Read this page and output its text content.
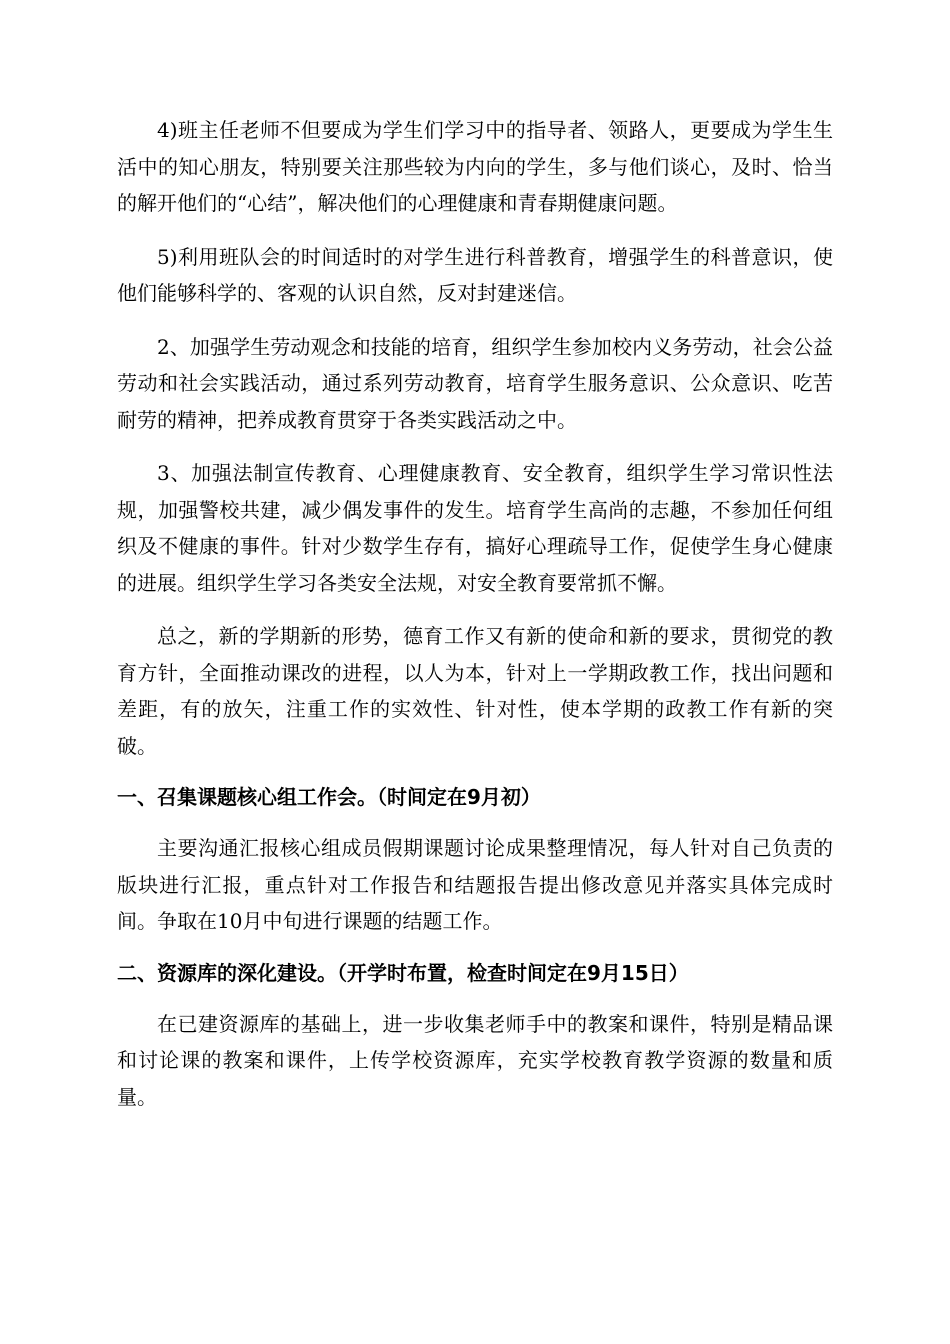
4)班主任老师不但要成为学生们学习中的指导者、领路人，更要成为学生生活中的知心朋友，特别要关注那些较为内向的学生，多与他们谈心，及时、恰当的解开他们的“心结”，解决他们的心理健康和青春期健康问题。

5)利用班队会的时间适时的对学生进行科普教育，增强学生的科普意识，使他们能够科学的、客观的认识自然，反对封建迷信。

2、加强学生劳动观念和技能的培育，组织学生参加校内义务劳动，社会公益劳动和社会实践活动，通过系列劳动教育，培育学生服务意识、公众意识、吃苦耐劳的精神，把养成教育贯穿于各类实践活动之中。

3、加强法制宣传教育、心理健康教育、安全教育，组织学生学习常识性法规，加强警校共建，减少偶发事件的发生。培育学生高尚的志趣，不参加任何组织及不健康的事件。针对少数学生存有，搞好心理疏导工作，促使学生身心健康的进展。组织学生学习各类安全法规，对安全教育要常抓不懈。

总之，新的学期新的形势，德育工作又有新的使命和新的要求，贯彻党的教育方针，全面推动课改的进程，以人为本，针对上一学期政教工作，找出问题和差距，有的放矢，注重工作的实效性、针对性，使本学期的政教工作有新的突破。

一、召集课题核心组工作会。（时间定在9月初）

主要沟通汇报核心组成员假期课题讨论成果整理情况，每人针对自己负责的版块进行汇报，重点针对工作报告和结题报告提出修改意见并落实具体完成时间。争取在10月中旬进行课题的结题工作。

二、资源库的深化建设。（开学时布置，检查时间定在9月15日）

在已建资源库的基础上，进一步收集老师手中的教案和课件，特别是精品课和讨论课的教案和课件，上传学校资源库，充实学校教育教学资源的数量和质量。
